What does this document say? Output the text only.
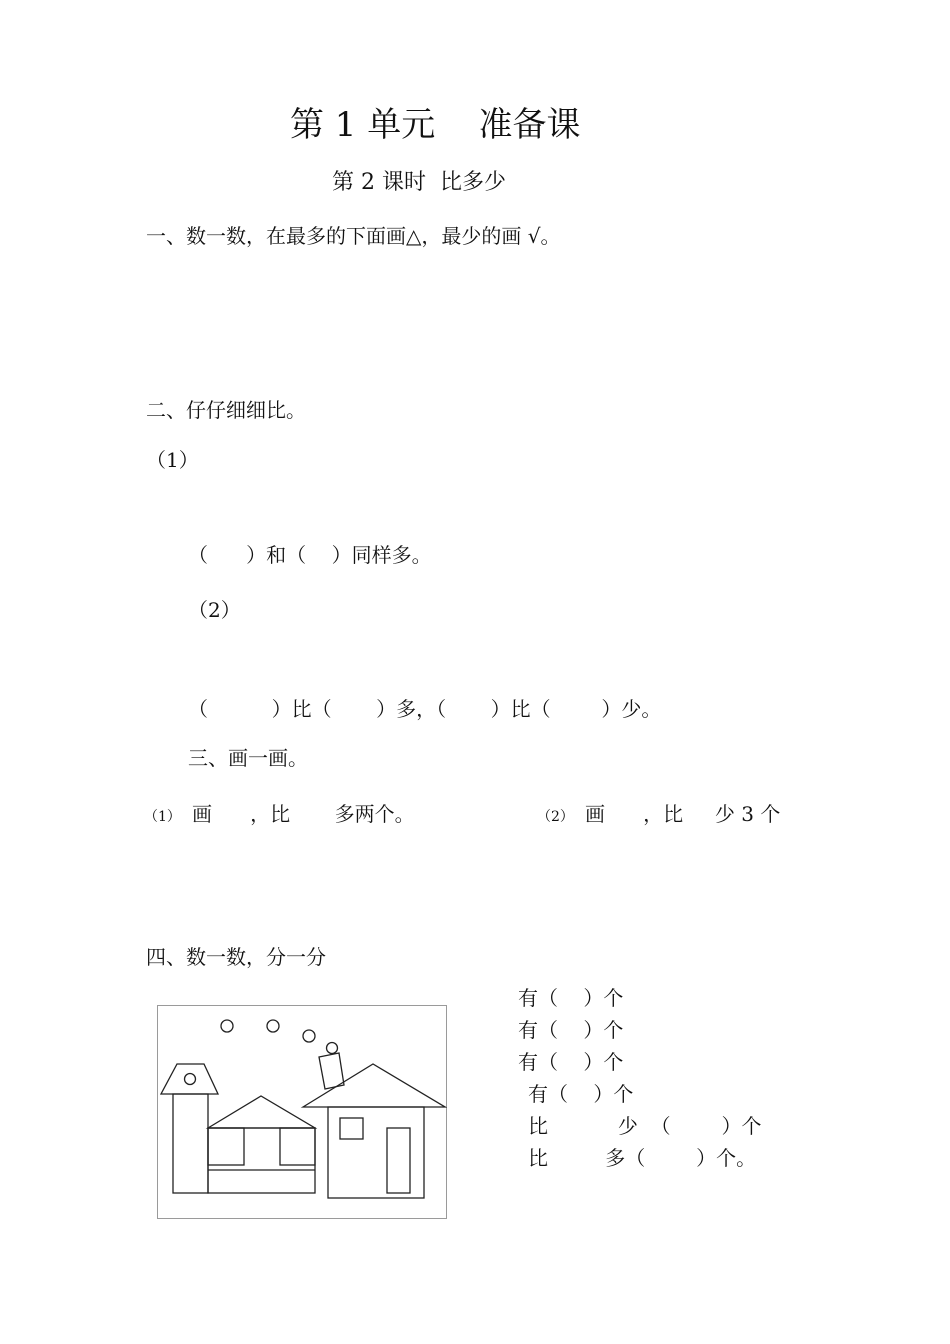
第 1 单元    准备课
第 2 课时  比多少
一、数一数，在最多的下面画△，最少的画 √。
二、仔仔细细比。
（1）
（      ）和（    ）同样多。
（2）
（          ）比（       ）多，（       ）比（        ）少。
三、画一画。
（1） 画      ，比       多两个。	（2） 画      ，比     少 3 个
四、数一数，分一分
有（    ）个
有（    ）个
有（    ）个
有（    ）个
比           少  （        ）个
比         多（        ）个。
